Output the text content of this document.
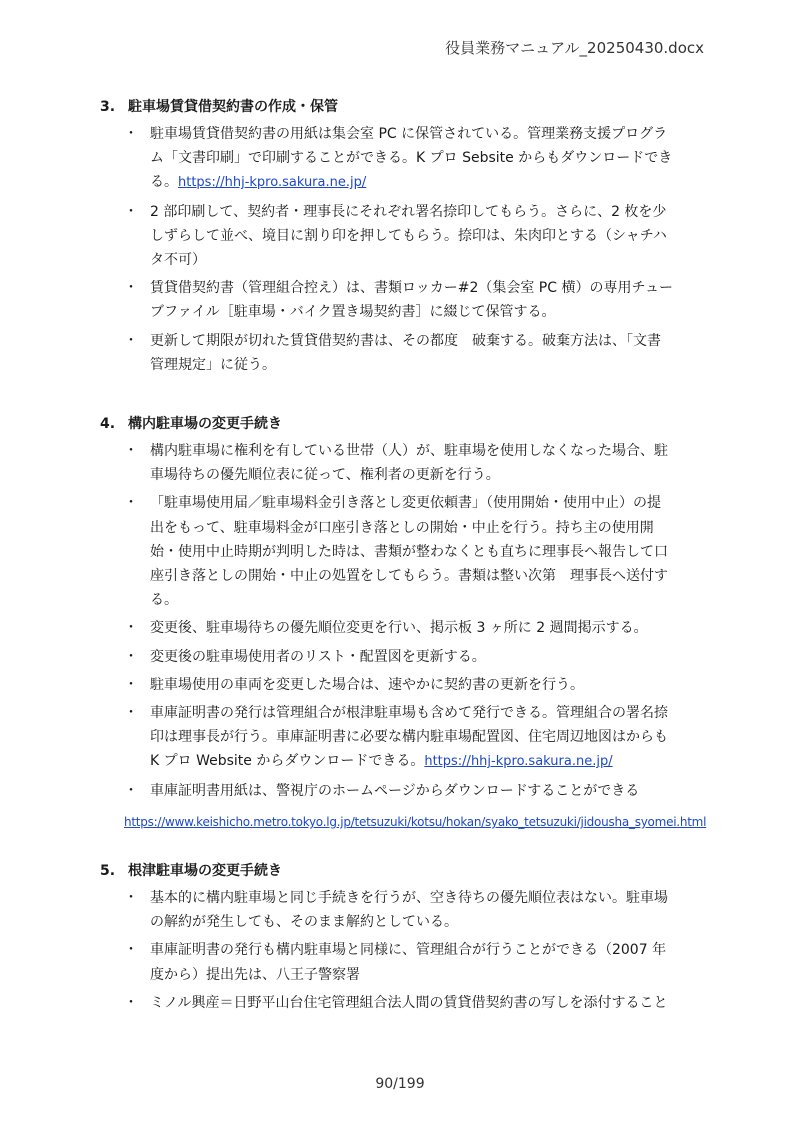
役員業務マニュアル_20250430.docx
3. 駐車場賃貸借契約書の作成・保管
・ 駐車場賃貸借契約書の用紙は集会室 PC に保管されている。管理業務支援プログラ
ム「文書印刷」で印刷することができる。K プロ Sebsite からもダウンロードでき
る。https://hhj-kpro.sakura.ne.jp/
・ 2 部印刷して、契約者・理事長にそれぞれ署名捺印してもらう。さらに、2 枚を少
しずらして並べ、境目に割り印を押してもらう。捺印は、朱肉印とする（シャチハ
タ不可）
・ 賃貸借契約書（管理組合控え）は、書類ロッカー#2（集会室 PC 横）の専用チュー
ブファイル［駐車場・バイク置き場契約書］に綴じて保管する。
・ 更新して期限が切れた賃貸借契約書は、その都度　破棄する。破棄方法は、「文書
管理規定」に従う。
4. 構内駐車場の変更手続き
・ 構内駐車場に権利を有している世帯（人）が、駐車場を使用しなくなった場合、駐
車場待ちの優先順位表に従って、権利者の更新を行う。
・ 「駐車場使用届／駐車場料金引き落とし変更依頼書」（使用開始・使用中止）の提
出をもって、駐車場料金が口座引き落としの開始・中止を行う。持ち主の使用開
始・使用中止時期が判明した時は、書類が整わなくとも直ちに理事長へ報告して口
座引き落としの開始・中止の処置をしてもらう。書類は整い次第　理事長へ送付す
る。
・ 変更後、駐車場待ちの優先順位変更を行い、掲示板 3 ヶ所に 2 週間掲示する。
・ 変更後の駐車場使用者のリスト・配置図を更新する。
・ 駐車場使用の車両を変更した場合は、速やかに契約書の更新を行う。
・ 車庫証明書の発行は管理組合が根津駐車場も含めて発行できる。管理組合の署名捺
印は理事長が行う。車庫証明書に必要な構内駐車場配置図、住宅周辺地図はからも
K プロ Website からダウンロードできる。https://hhj-kpro.sakura.ne.jp/
・ 車庫証明書用紙は、警視庁のホームページからダウンロードすることができる
https://www.keishicho.metro.tokyo.lg.jp/tetsuzuki/kotsu/hokan/syako_tetsuzuki/jidousha_syomei.html
5. 根津駐車場の変更手続き
・ 基本的に構内駐車場と同じ手続きを行うが、空き待ちの優先順位表はない。駐車場
の解約が発生しても、そのまま解約としている。
・ 車庫証明書の発行も構内駐車場と同様に、管理組合が行うことができる（2007 年
度から）提出先は、八王子警察署
・ ミノル興産＝日野平山台住宅管理組合法人間の賃貸借契約書の写しを添付すること
90/199
